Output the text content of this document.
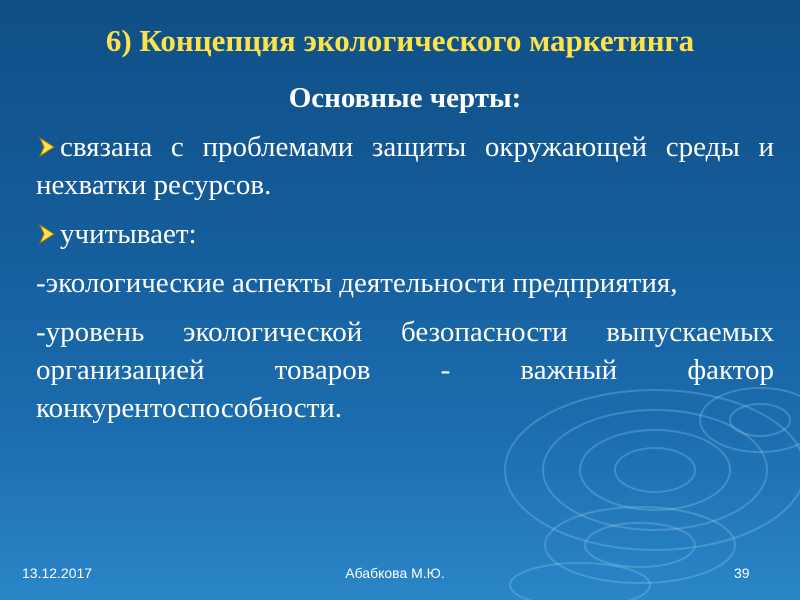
6) Концепция экологического маркетинга
Основные черты:

связана с проблемами защиты окружающей среды и нехватки ресурсов.

учитывает:

-экологические аспекты деятельности предприятия,

-уровень экологической безопасности выпускаемых организацией товаров - важный фактор конкурентоспособности.

13.12.2017	Абабкова М.Ю.	39
